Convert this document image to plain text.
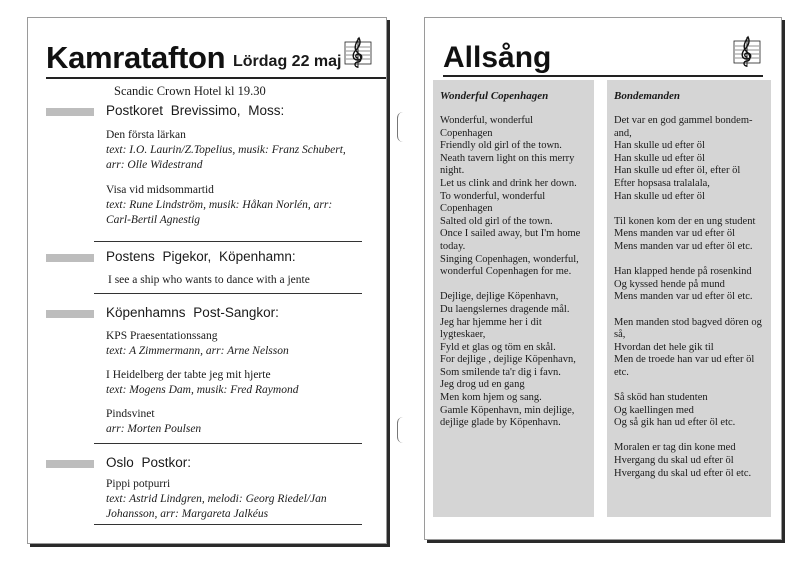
Kamratafton Lördag 22 maj
Scandic Crown Hotel kl 19.30
Postkoret Brevissimo, Moss:
Den första lärkan
text: I.O. Laurin/Z.Topelius, musik: Franz Schubert,
arr: Olle Widestrand
Visa vid midsommartid
text: Rune Lindström, musik: Håkan Norlén, arr:
Carl-Bertil Agnestig
Postens Pigekor, Köpenhamn:
I see a ship who wants to dance with a jente
Köpenhamns Post-Sangkor:
KPS Praesentationssang
text: A Zimmermann, arr: Arne Nelsson
I Heidelberg der tabte jeg mit hjerte
text: Mogens Dam, musik: Fred Raymond
Pindsvinet
arr: Morten Poulsen
Oslo Postkor:
Pippi potpurri
text: Astrid Lindgren, melodi: Georg Riedel/Jan
Johansson, arr: Margareta Jalkéus
Allsång
Wonderful Copenhagen
Wonderful, wonderful
Copenhagen
Friendly old girl of the town.
Neath tavern light on this merry
night.
Let us clink and drink her down.
To wonderful, wonderful
Copenhagen
Salted old girl of the town.
Once I sailed away, but I'm home
today.
Singing Copenhagen, wonderful,
wonderful Copenhagen for me.
Dejlige, dejlige Köpenhavn,
Du laengslernes dragende mål.
Jeg har hjemme her i dit
lygteskaer,
Fyld et glas og töm en skål.
For dejlige , dejlige Köpenhavn,
Som smilende ta'r dig i favn.
Jeg drog ud en gang
Men kom hjem og sang.
Gamle Köpenhavn, min dejlige,
dejlige glade by Köpenhavn.
Bondemanden
Det var en god gammel bondem-
and,
Han skulle ud efter öl
Han skulle ud efter öl
Han skulle ud efter öl, efter öl
Efter hopsasa tralalala,
Han skulle ud efter öl
Til konen kom der en ung student
Mens manden var ud efter öl
Mens manden var ud efter öl etc.
Han klapped hende på rosenkind
Og kyssed hende på mund
Mens manden var ud efter öl etc.
Men manden stod bagved dören og
så,
Hvordan det hele gik til
Men de troede han var ud efter öl
etc.
Så sköd han studenten
Og kaellingen med
Og så gik han ud efter öl etc.
Moralen er tag din kone med
Hvergang du skal ud efter öl
Hvergang du skal ud efter öl etc.
